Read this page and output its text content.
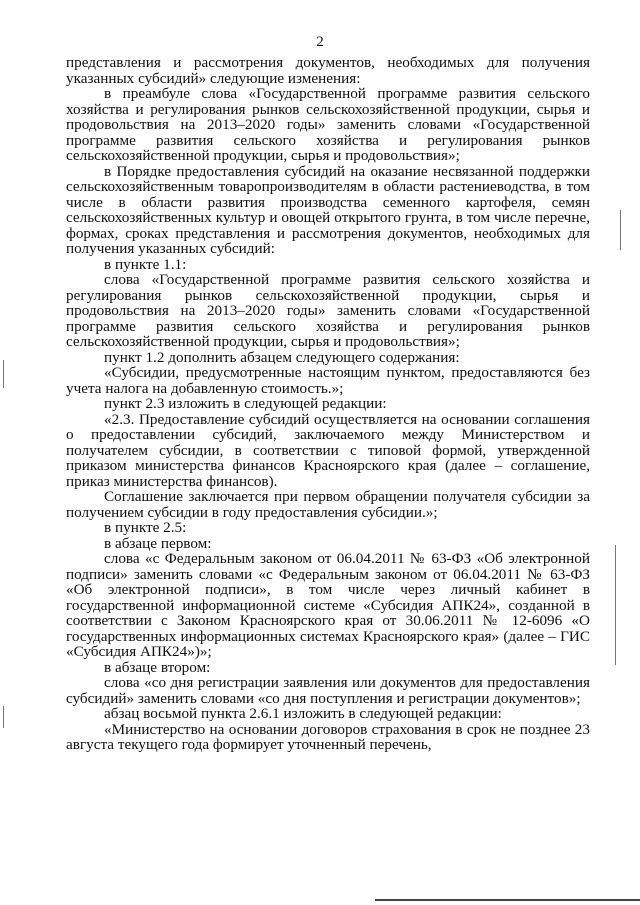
2

представления и рассмотрения документов, необходимых для получения указанных субсидий» следующие изменения:

в преамбуле слова «Государственной программе развития сельского хозяйства и регулирования рынков сельскохозяйственной продукции, сырья и продовольствия на 2013–2020 годы» заменить словами «Государственной программе развития сельского хозяйства и регулирования рынков сельскохозяйственной продукции, сырья и продовольствия»;

в Порядке предоставления субсидий на оказание несвязанной поддержки сельскохозяйственным товаропроизводителям в области растениеводства, в том числе в области развития производства семенного картофеля, семян сельскохозяйственных культур и овощей открытого грунта, в том числе перечне, формах, сроках представления и рассмотрения документов, необходимых для получения указанных субсидий:

в пункте 1.1:

слова «Государственной программе развития сельского хозяйства и регулирования рынков сельскохозяйственной продукции, сырья и продовольствия на 2013–2020 годы» заменить словами «Государственной программе развития сельского хозяйства и регулирования рынков сельскохозяйственной продукции, сырья и продовольствия»;

пункт 1.2 дополнить абзацем следующего содержания:

«Субсидии, предусмотренные настоящим пунктом, предоставляются без учета налога на добавленную стоимость.»;

пункт 2.3 изложить в следующей редакции:

«2.3. Предоставление субсидий осуществляется на основании соглашения о предоставлении субсидий, заключаемого между Министерством и получателем субсидии, в соответствии с типовой формой, утвержденной приказом министерства финансов Красноярского края (далее – соглашение, приказ министерства финансов).

Соглашение заключается при первом обращении получателя субсидии за получением субсидии в году предоставления субсидии.»;

в пункте 2.5:

в абзаце первом:

слова «с Федеральным законом от 06.04.2011 № 63-ФЗ «Об электронной подписи» заменить словами «с Федеральным законом от 06.04.2011 № 63-ФЗ «Об электронной подписи», в том числе через личный кабинет в государственной информационной системе «Субсидия АПК24», созданной в соответствии с Законом Красноярского края от 30.06.2011 № 12-6096 «О государственных информационных системах Красноярского края» (далее – ГИС «Субсидия АПК24»)»;

в абзаце втором:

слова «со дня регистрации заявления или документов для предоставления субсидий» заменить словами «со дня поступления и регистрации документов»;

абзац восьмой пункта 2.6.1 изложить в следующей редакции:

«Министерство на основании договоров страхования в срок не позднее 23 августа текущего года формирует уточненный перечень,
